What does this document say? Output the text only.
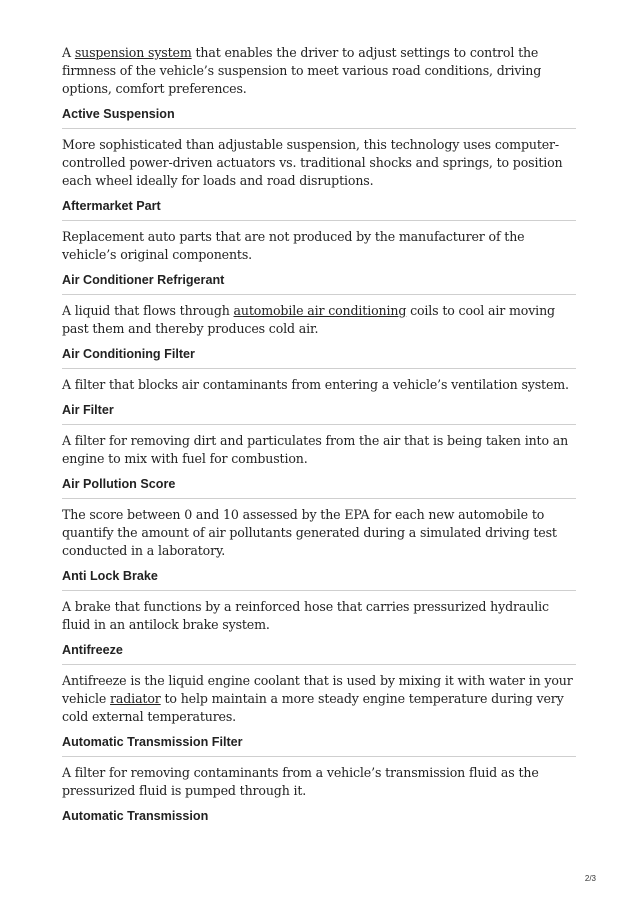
A suspension system that enables the driver to adjust settings to control the firmness of the vehicle’s suspension to meet various road conditions, driving options, comfort preferences.

Active Suspension

More sophisticated than adjustable suspension, this technology uses computer-controlled power-driven actuators vs. traditional shocks and springs, to position each wheel ideally for loads and road disruptions.

Aftermarket Part

Replacement auto parts that are not produced by the manufacturer of the vehicle’s original components.

Air Conditioner Refrigerant

A liquid that flows through automobile air conditioning coils to cool air moving past them and thereby produces cold air.

Air Conditioning Filter

A filter that blocks air contaminants from entering a vehicle’s ventilation system.

Air Filter

A filter for removing dirt and particulates from the air that is being taken into an engine to mix with fuel for combustion.

Air Pollution Score

The score between 0 and 10 assessed by the EPA for each new automobile to quantify the amount of air pollutants generated during a simulated driving test conducted in a laboratory.

Anti Lock Brake

A brake that functions by a reinforced hose that carries pressurized hydraulic fluid in an antilock brake system.

Antifreeze

Antifreeze is the liquid engine coolant that is used by mixing it with water in your vehicle radiator to help maintain a more steady engine temperature during very cold external temperatures.

Automatic Transmission Filter

A filter for removing contaminants from a vehicle’s transmission fluid as the pressurized fluid is pumped through it.

Automatic Transmission
2/3
